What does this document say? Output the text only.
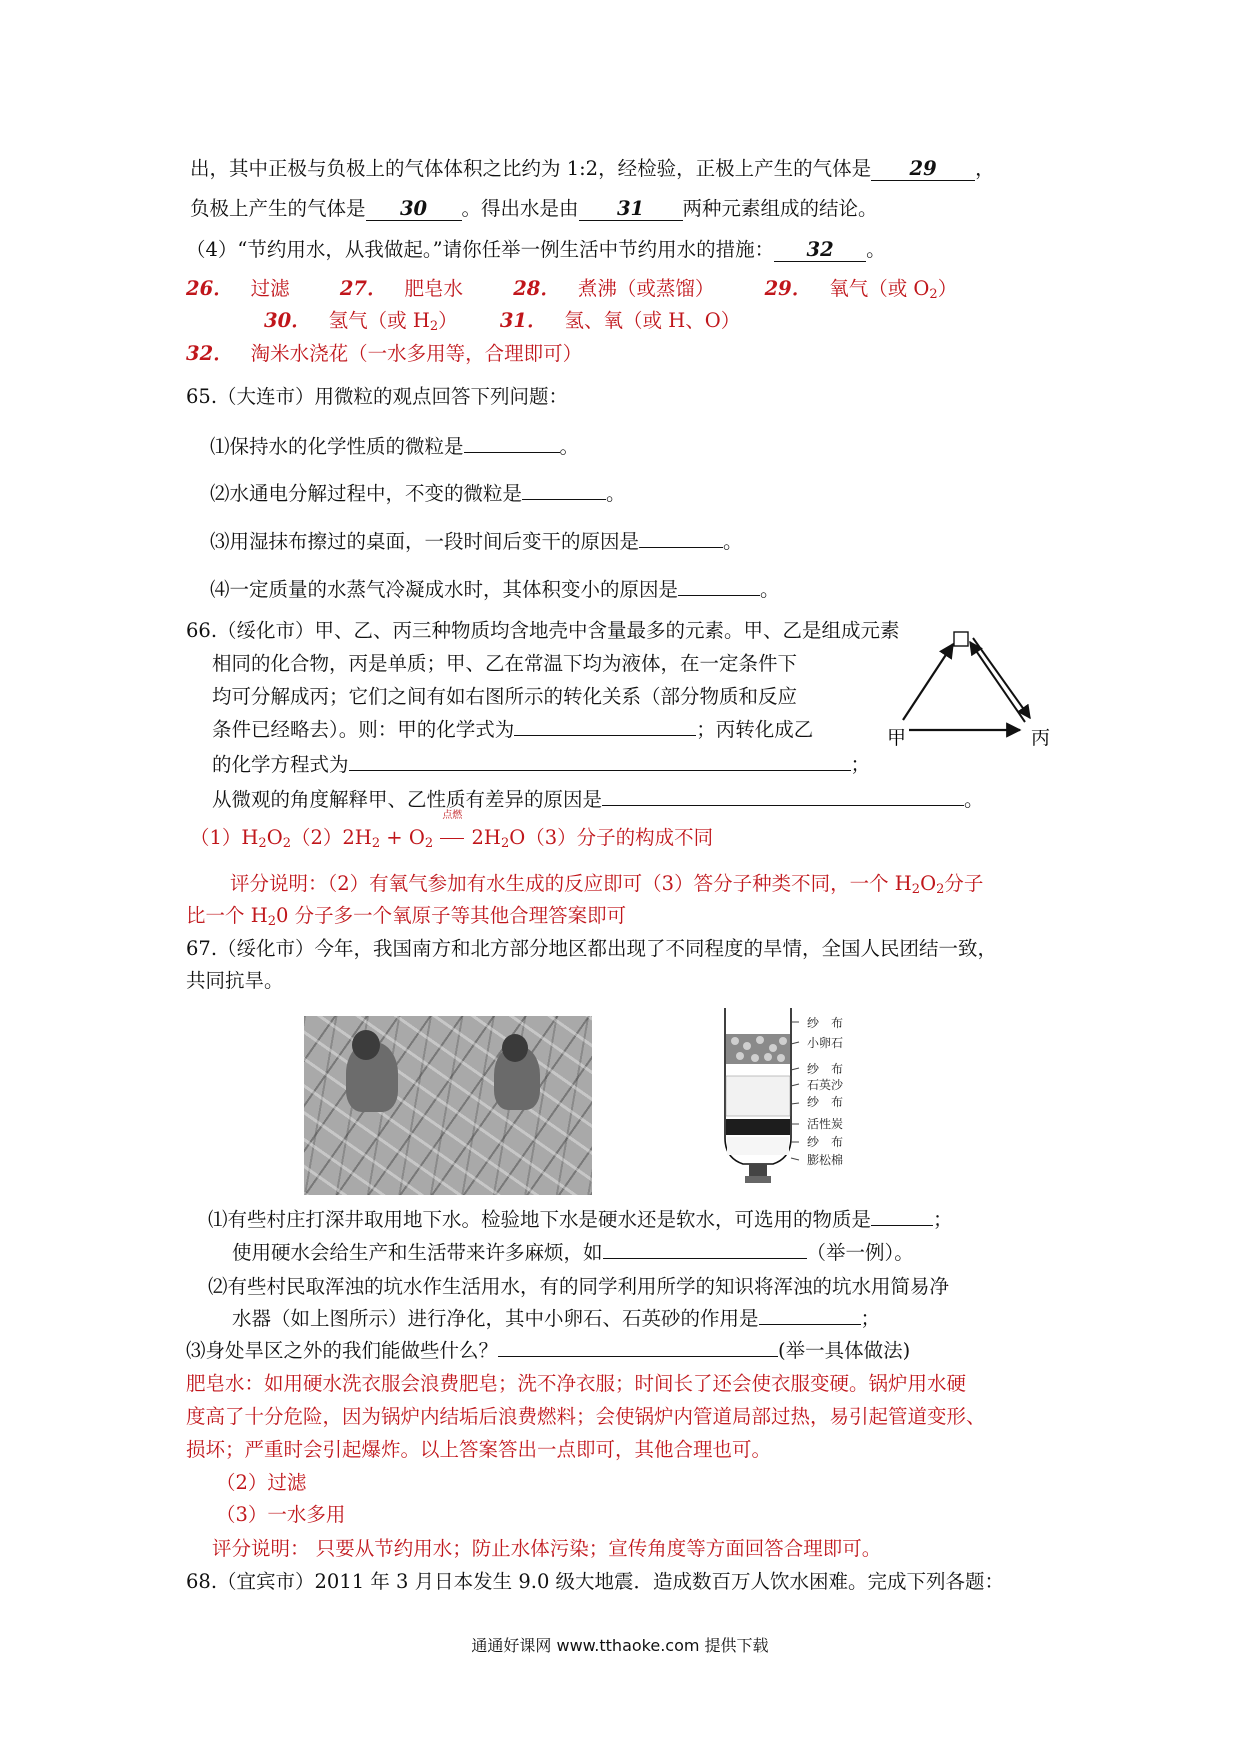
出，其中正极与负极上的气体体积之比约为 1:2，经检验，正极上产生的气体是 29 ，
负极上产生的气体是 30 。得出水是由 31 两种元素组成的结论。
（4）“节约用水，从我做起。”请你任举一例生活中节约用水的措施： 32 。
26． 过滤	27． 肥皂水	28． 煮沸（或蒸馏）	29． 氧气（或 $O_2$）
30． 氢气（或 $H_2$） 31． 氢、氧（或 H、O）
32． 淘米水浇花（一水多用等，合理即可）
65.（大连市）用微粒的观点回答下列问题：
⑴保持水的化学性质的微粒是	。
⑵水通电分解过程中，不变的微粒是	。
⑶用湿抹布擦过的桌面，一段时间后变干的原因是	。
⑷一定质量的水蒸气冷凝成水时，其体积变小的原因是	。
66.（绥化市）甲、乙、丙三种物质均含地壳中含量最多的元素。甲、乙是组成元素
相同的化合物，丙是单质；甲、乙在常温下均为液体，在一定条件下
均可分解成丙；它们之间有如右图所示的转化关系（部分物质和反应
条件已经略去）。则：甲的化学式为	；丙转化成乙
的化学方程式为	；
从微观的角度解释甲、乙性质有差异的原因是	。
甲	丙
$(1)H_2O_2(2)2H_2 + O_2$
点燃
$2H_2O(3)$分子的构成不同
评分说明：（2）有氧气参加有水生成的反应即可（3）答分子种类不同，一个 $H_2O_2$分子
比一个 $H_20$ 分子多一个氧原子等其他合理答案即可
67.（绥化市）今年，我国南方和北方部分地区都出现了不同程度的旱情，全国人民团结一致，
共同抗旱。
纱　布
小卵石
纱　布
石英沙
纱　布
活性炭
纱　布
膨松棉
⑴有些村庄打深井取用地下水。检验地下水是硬水还是软水，可选用的物质是	；
使用硬水会给生产和生活带来许多麻烦，如	（举一例）。
⑵有些村民取浑浊的坑水作生活用水，有的同学利用所学的知识将浑浊的坑水用简易净
水器（如上图所示）进行净化，其中小卵石、石英砂的作用是	；
⑶身处旱区之外的我们能做些什么？	(举一具体做法)
肥皂水：如用硬水洗衣服会浪费肥皂；洗不净衣服；时间长了还会使衣服变硬。锅炉用水硬
度高了十分危险，因为锅炉内结垢后浪费燃料；会使锅炉内管道局部过热，易引起管道变形、
损坏；严重时会引起爆炸。以上答案答出一点即可，其他合理也可。
（2）过滤
（3）一水多用
评分说明： 只要从节约用水；防止水体污染；宣传角度等方面回答合理即可。
68.（宜宾市）2011 年 3 月日本发生 9.0 级大地震．造成数百万人饮水困难。完成下列各题：
通通好课网 www.tthaoke.com 提供下载
